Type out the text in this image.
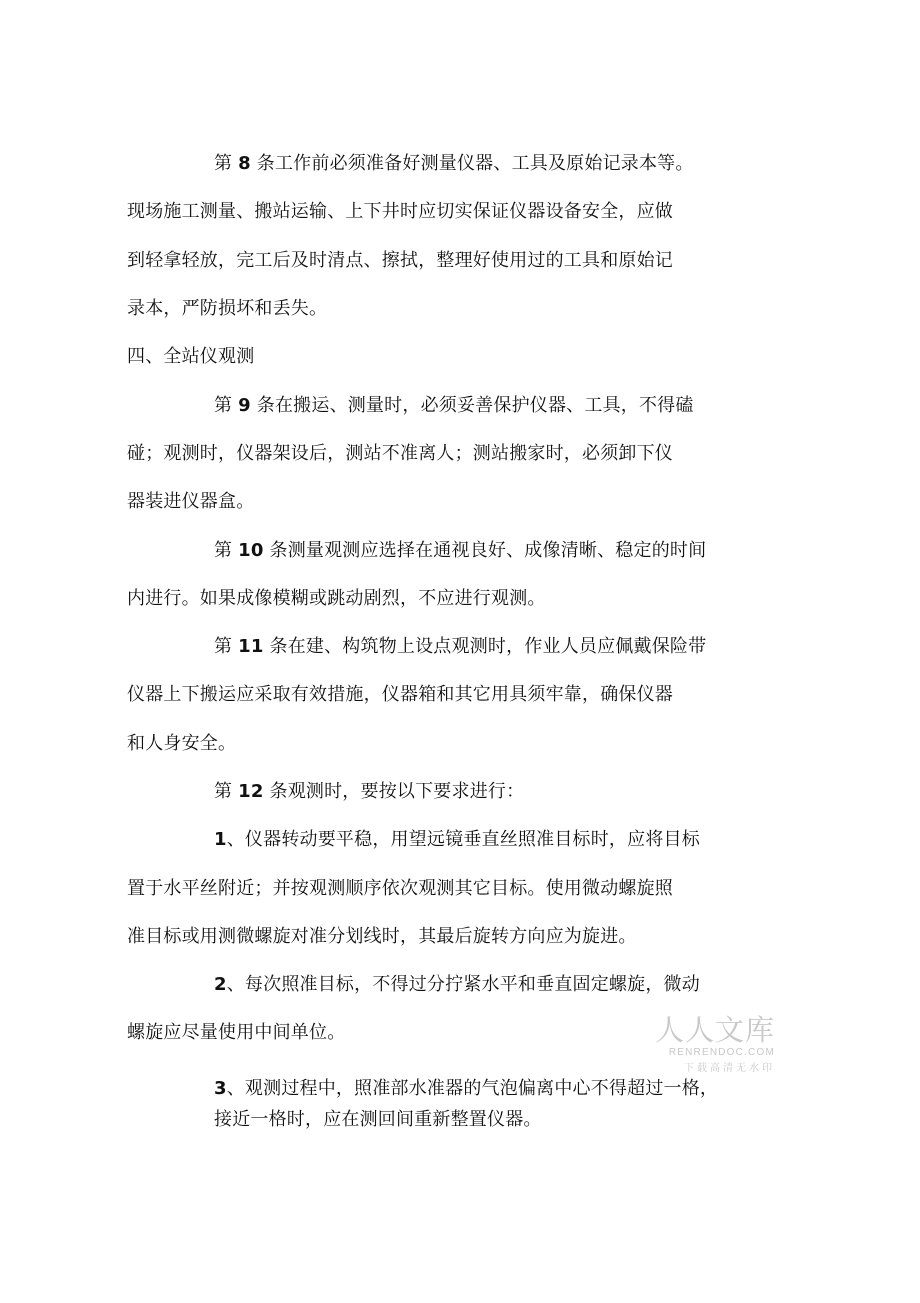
第 8 条工作前必须准备好测量仪器、工具及原始记录本等。
现场施工测量、搬站运输、上下井时应切实保证仪器设备安全，应做
到轻拿轻放，完工后及时清点、擦拭，整理好使用过的工具和原始记
录本，严防损坏和丢失。
四、全站仪观测
第 9 条在搬运、测量时，必须妥善保护仪器、工具，不得磕
碰；观测时，仪器架设后，测站不准离人；测站搬家时，必须卸下仪
器装进仪器盒。
第 10 条测量观测应选择在通视良好、成像清晰、稳定的时间
内进行。如果成像模糊或跳动剧烈，不应进行观测。
第 11 条在建、构筑物上设点观测时，作业人员应佩戴保险带
仪器上下搬运应采取有效措施，仪器箱和其它用具须牢靠，确保仪器
和人身安全。
第 12 条观测时，要按以下要求进行：
1、仪器转动要平稳，用望远镜垂直丝照准目标时，应将目标
置于水平丝附近；并按观测顺序依次观测其它目标。使用微动螺旋照
准目标或用测微螺旋对准分划线时，其最后旋转方向应为旋进。
2、每次照准目标，不得过分拧紧水平和垂直固定螺旋，微动
螺旋应尽量使用中间单位。
3、观测过程中，照准部水准器的气泡偏离中心不得超过一格，
接近一格时，应在测回间重新整置仪器。
人人文库
RENRENDOC.COM
下载高清无水印
